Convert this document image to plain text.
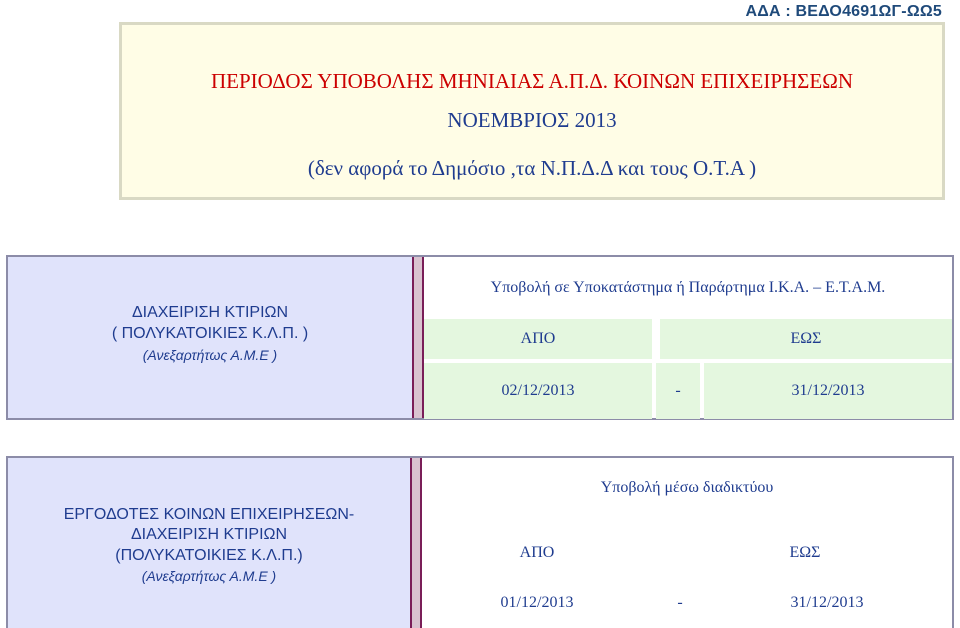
ΑΔΑ : ΒΕΔΟ4691ΩΓ-ΩΩ5
ΠΕΡΙΟΔΟΣ ΥΠΟΒΟΛΗΣ ΜΗΝΙΑΙΑΣ Α.Π.Δ. ΚΟΙΝΩΝ ΕΠΙΧΕΙΡΗΣΕΩΝ
ΝΟΕΜΒΡΙΟΣ 2013
(δεν αφορά το Δημόσιο ,τα Ν.Π.Δ.Δ και τους Ο.Τ.Α )
ΔΙΑΧΕΙΡΙΣΗ ΚΤΙΡΙΩΝ
( ΠΟΛΥΚΑΤΟΙΚΙΕΣ Κ.Λ.Π. )
(Ανεξαρτήτως Α.Μ.Ε )
Υποβολή σε Υποκατάστημα ή Παράρτημα Ι.Κ.Α. – Ε.Τ.Α.Μ.
ΑΠΟ	ΕΩΣ
02/12/2013	-	31/12/2013
ΕΡΓΟΔΟΤΕΣ ΚΟΙΝΩΝ ΕΠΙΧΕΙΡΗΣΕΩΝ-
ΔΙΑΧΕΙΡΙΣΗ ΚΤΙΡΙΩΝ
(ΠΟΛΥΚΑΤΟΙΚΙΕΣ Κ.Λ.Π.)
(Ανεξαρτήτως Α.Μ.Ε )
Υποβολή μέσω διαδικτύου
ΑΠΟ	ΕΩΣ
01/12/2013	-	31/12/2013
